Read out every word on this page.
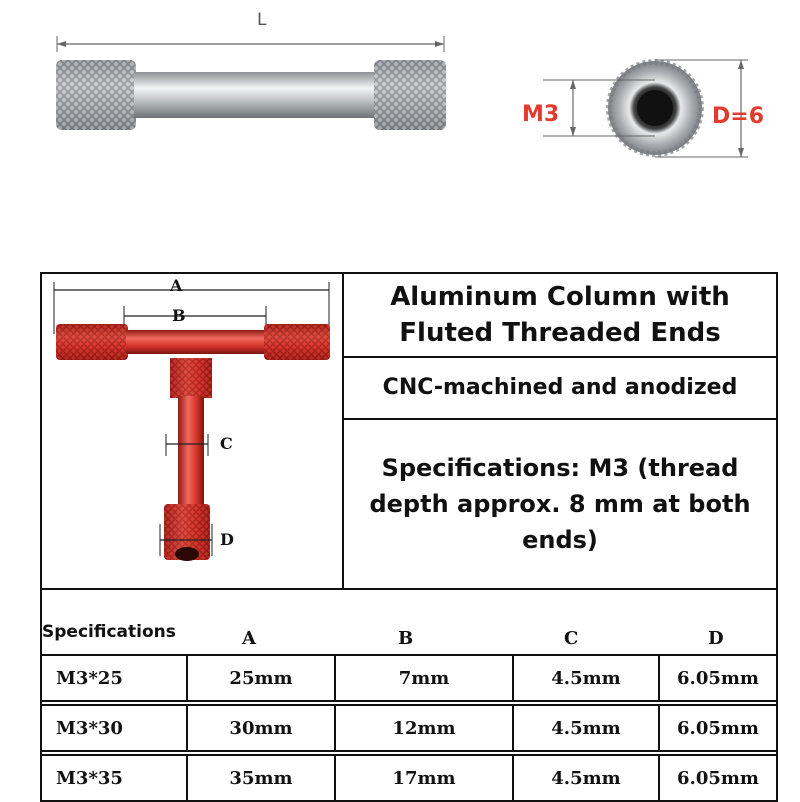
L
M3	D=6
A
B
C
D
Aluminum Column with Fluted Threaded Ends
CNC-machined and anodized
Specifications: M3 (thread depth approx. 8 mm at both ends)
Specifications	A	B	C	D
M3*25	25mm	7mm	4.5mm	6.05mm
M3*30	30mm	12mm	4.5mm	6.05mm
M3*35	35mm	17mm	4.5mm	6.05mm
